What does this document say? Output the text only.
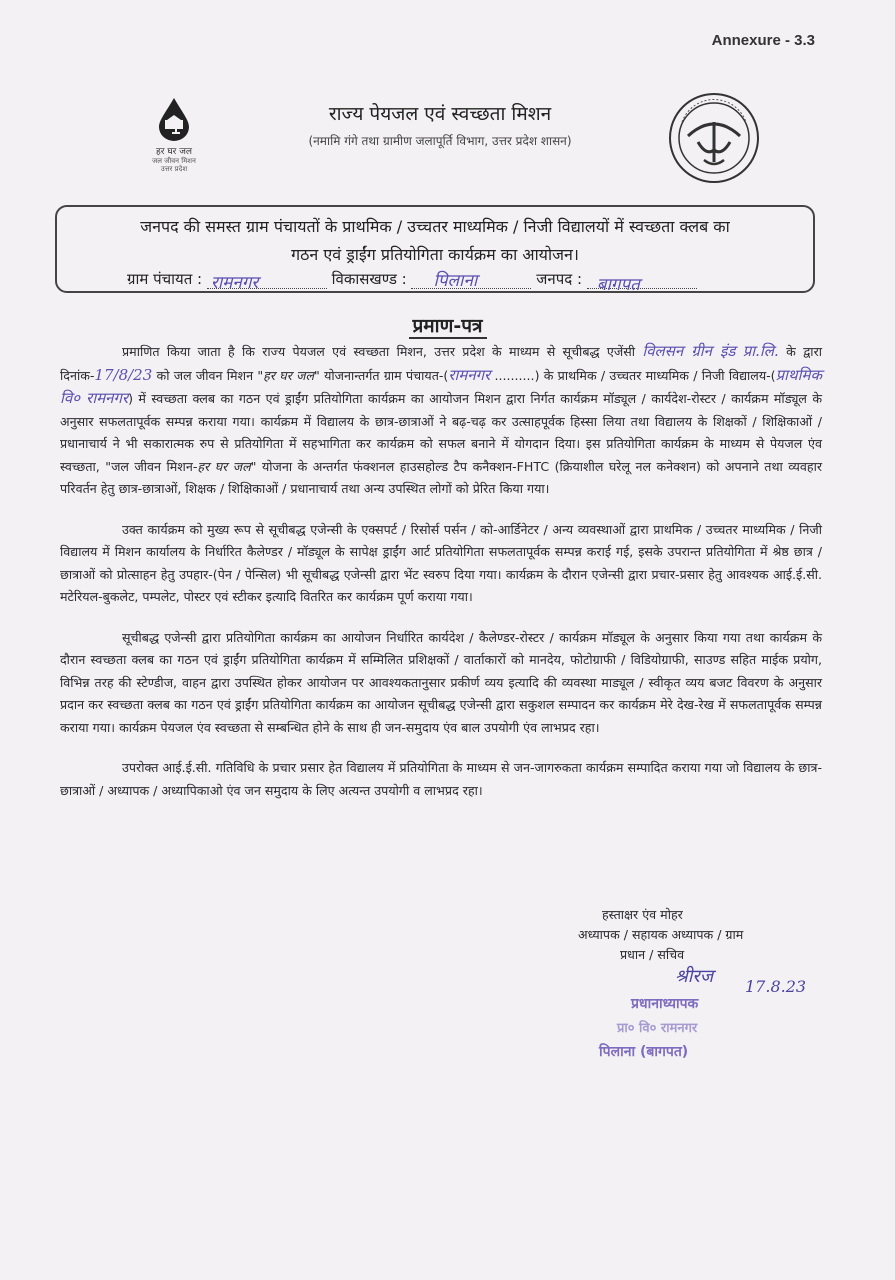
Annexure - 3.3
हर घर जल
जल जीवन मिशन
उत्तर प्रदेश
राज्य पेयजल एवं स्वच्छता मिशन
(नमामि गंगे तथा ग्रामीण जलापूर्ति विभाग, उत्तर प्रदेश शासन)
जनपद की समस्त ग्राम पंचायतों के प्राथमिक / उच्चतर माध्यमिक / निजी विद्यालयों में स्वच्छता क्लब का
गठन एवं ड्राईंग प्रतियोगिता कार्यक्रम का आयोजन।
ग्राम पंचायत : रामनगर	विकासखण्ड : पिलाना	जनपद : बागपत
प्रमाण-पत्र

प्रमाणित किया जाता है कि राज्य पेयजल एवं स्वच्छता मिशन, उत्तर प्रदेश के माध्यम से सूचीबद्ध एजेंसी विलसन ग्रीन इंड प्रा.लि. के द्वारा दिनांक-17/8/23 को जल जीवन मिशन "हर घर जल" योजनान्तर्गत ग्राम पंचायत-(रामनगर ..........) के प्राथमिक / उच्चतर माध्यमिक / निजी विद्यालय-(प्राथमिक वि० रामनगर) में स्वच्छता क्लब का गठन एवं ड्राईंग प्रतियोगिता कार्यक्रम का आयोजन मिशन द्वारा निर्गत कार्यक्रम मॉड्यूल / कार्यदेश-रोस्टर / कार्यक्रम मॉड्यूल के अनुसार सफलतापूर्वक सम्पन्न कराया गया। कार्यक्रम में विद्यालय के छात्र-छात्राओं ने बढ़-चढ़ कर उत्साहपूर्वक हिस्सा लिया तथा विद्यालय के शिक्षकों / शिक्षिकाओं / प्रधानाचार्य ने भी सकारात्मक रुप से प्रतियोगिता में सहभागिता कर कार्यक्रम को सफल बनाने में योगदान दिया। इस प्रतियोगिता कार्यक्रम के माध्यम से पेयजल एंव स्वच्छता, "जल जीवन मिशन-हर घर जल" योजना के अन्तर्गत फंक्शनल हाउसहोल्ड टैप कनैक्शन-FHTC (क्रियाशील घरेलू नल कनेक्शन) को अपनाने तथा व्यवहार परिवर्तन हेतु छात्र-छात्राओं, शिक्षक / शिक्षिकाओं / प्रधानाचार्य तथा अन्य उपस्थित लोगों को प्रेरित किया गया।

उक्त कार्यक्रम को मुख्य रूप से सूचीबद्ध एजेन्सी के एक्सपर्ट / रिसोर्स पर्सन / को-आर्डिनेटर / अन्य व्यवस्थाओं द्वारा प्राथमिक / उच्चतर माध्यमिक / निजी विद्यालय में मिशन कार्यालय के निर्धारित कैलेण्डर / मॉड्यूल के सापेक्ष ड्राईंग आर्ट प्रतियोगिता सफलतापूर्वक सम्पन्न कराई गई, इसके उपरान्त प्रतियोगिता में श्रेष्ठ छात्र / छात्राओं को प्रोत्साहन हेतु उपहार-(पेन / पेन्सिल) भी सूचीबद्ध एजेन्सी द्वारा भेंट स्वरुप दिया गया। कार्यक्रम के दौरान एजेन्सी द्वारा प्रचार-प्रसार हेतु आवश्यक आई.ई.सी. मटेरियल-बुकलेट, पम्पलेट, पोस्टर एवं स्टीकर इत्यादि वितरित कर कार्यक्रम पूर्ण कराया गया।

सूचीबद्ध एजेन्सी द्वारा प्रतियोगिता कार्यक्रम का आयोजन निर्धारित कार्यदेश / कैलेण्डर-रोस्टर / कार्यक्रम मॉड्यूल के अनुसार किया गया तथा कार्यक्रम के दौरान स्वच्छता क्लब का गठन एवं ड्राईंग प्रतियोगिता कार्यक्रम में सम्मिलित प्रशिक्षकों / वार्ताकारों को मानदेय, फोटोग्राफी / विडियोग्राफी, साउण्ड सहित माईक प्रयोग, विभिन्न तरह की स्टेण्डीज, वाहन द्वारा उपस्थित होकर आयोजन पर आवश्यकतानुसार प्रकीर्ण व्यय इत्यादि की व्यवस्था माड्यूल / स्वीकृत व्यय बजट विवरण के अनुसार प्रदान कर स्वच्छता क्लब का गठन एवं ड्राईंग प्रतियोगिता कार्यक्रम का आयोजन सूचीबद्ध एजेन्सी द्वारा सकुशल सम्पादन कर कार्यक्रम मेरे देख-रेख में सफलतापूर्वक सम्पन्न कराया गया। कार्यक्रम पेयजल एंव स्वच्छता से सम्बन्धित होने के साथ ही जन-समुदाय एंव बाल उपयोगी एंव लाभप्रद रहा।

उपरोक्त आई.ई.सी. गतिविधि के प्रचार प्रसार हेत विद्यालय में प्रतियोगिता के माध्यम से जन-जागरुकता कार्यक्रम सम्पादित कराया गया जो विद्यालय के छात्र-छात्राओं / अध्यापक / अध्यापिकाओ एंव जन समुदाय के लिए अत्यन्त उपयोगी व लाभप्रद रहा।

हस्ताक्षर एंव मोहर
अध्यापक / सहायक अध्यापक / ग्राम
प्रधान / सचिव
श्रीरज 17.8.23
प्रधानाध्यापक
प्रा० वि० रामनगर
पिलाना (बागपत)
